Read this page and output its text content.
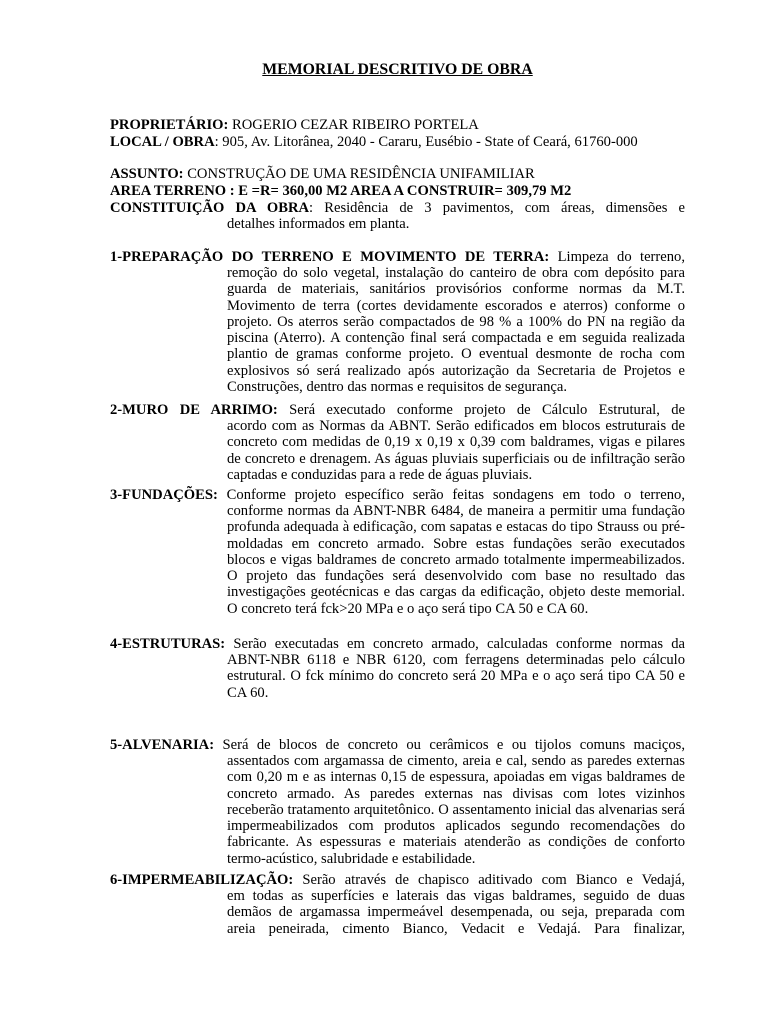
MEMORIAL DESCRITIVO DE OBRA
PROPRIETÁRIO: ROGERIO CEZAR RIBEIRO PORTELA
LOCAL / OBRA: 905, Av. Litorânea, 2040 - Cararu, Eusébio - State of Ceará, 61760-000
ASSUNTO: CONSTRUÇÃO DE UMA RESIDÊNCIA UNIFAMILIAR
AREA TERRENO : E =R= 360,00 M2 AREA A CONSTRUIR= 309,79 M2
CONSTITUIÇÃO DA OBRA: Residência de 3 pavimentos, com áreas, dimensões e
detalhes informados em planta.
1-PREPARAÇÃO DO TERRENO E MOVIMENTO DE TERRA: Limpeza do terreno,
remoção do solo vegetal, instalação do canteiro de obra com depósito para guarda de materiais, sanitários provisórios conforme normas da M.T. Movimento de terra (cortes devidamente escorados e aterros) conforme o projeto. Os aterros serão compactados de 98 % a 100% do PN na região da piscina (Aterro). A contenção final será compactada e em seguida realizada plantio de gramas conforme projeto. O eventual desmonte de rocha com explosivos só será realizado após autorização da Secretaria de Projetos e Construções, dentro das normas e requisitos de segurança.
2-MURO DE ARRIMO: Será executado conforme projeto de Cálculo Estrutural, de
acordo com as Normas da ABNT. Serão edificados em blocos estruturais de concreto com medidas de 0,19 x 0,19 x 0,39 com baldrames, vigas e pilares de concreto e drenagem. As águas pluviais superficiais ou de infiltração serão captadas e conduzidas para a rede de águas pluviais.
3-FUNDAÇÕES: Conforme projeto específico serão feitas sondagens em todo o terreno,
conforme normas da ABNT-NBR 6484, de maneira a permitir uma fundação profunda adequada à edificação, com sapatas e estacas do tipo Strauss ou pré-moldadas em concreto armado. Sobre estas fundações serão executados blocos e vigas baldrames de concreto armado totalmente impermeabilizados. O projeto das fundações será desenvolvido com base no resultado das investigações geotécnicas e das cargas da edificação, objeto deste memorial. O concreto terá fck>20 MPa e o aço será tipo CA 50 e CA 60.
4-ESTRUTURAS: Serão executadas em concreto armado, calculadas conforme normas da
ABNT-NBR 6118 e NBR 6120, com ferragens determinadas pelo cálculo estrutural. O fck mínimo do concreto será 20 MPa e o aço será tipo CA 50 e CA 60.
5-ALVENARIA: Será de blocos de concreto ou cerâmicos e ou tijolos comuns maciços,
assentados com argamassa de cimento, areia e cal, sendo as paredes externas com 0,20 m e as internas 0,15 de espessura, apoiadas em vigas baldrames de concreto armado. As paredes externas nas divisas com lotes vizinhos receberão tratamento arquitetônico. O assentamento inicial das alvenarias será impermeabilizados com produtos aplicados segundo recomendações do fabricante. As espessuras e materiais atenderão as condições de conforto termo-acústico, salubridade e estabilidade.
6-IMPERMEABILIZAÇÃO: Serão através de chapisco aditivado com Bianco e Vedajá,
em todas as superfícies e laterais das vigas baldrames, seguido de duas demãos de argamassa impermeável desempenada, ou seja, preparada com areia peneirada, cimento Bianco, Vedacit e Vedajá. Para finalizar,
